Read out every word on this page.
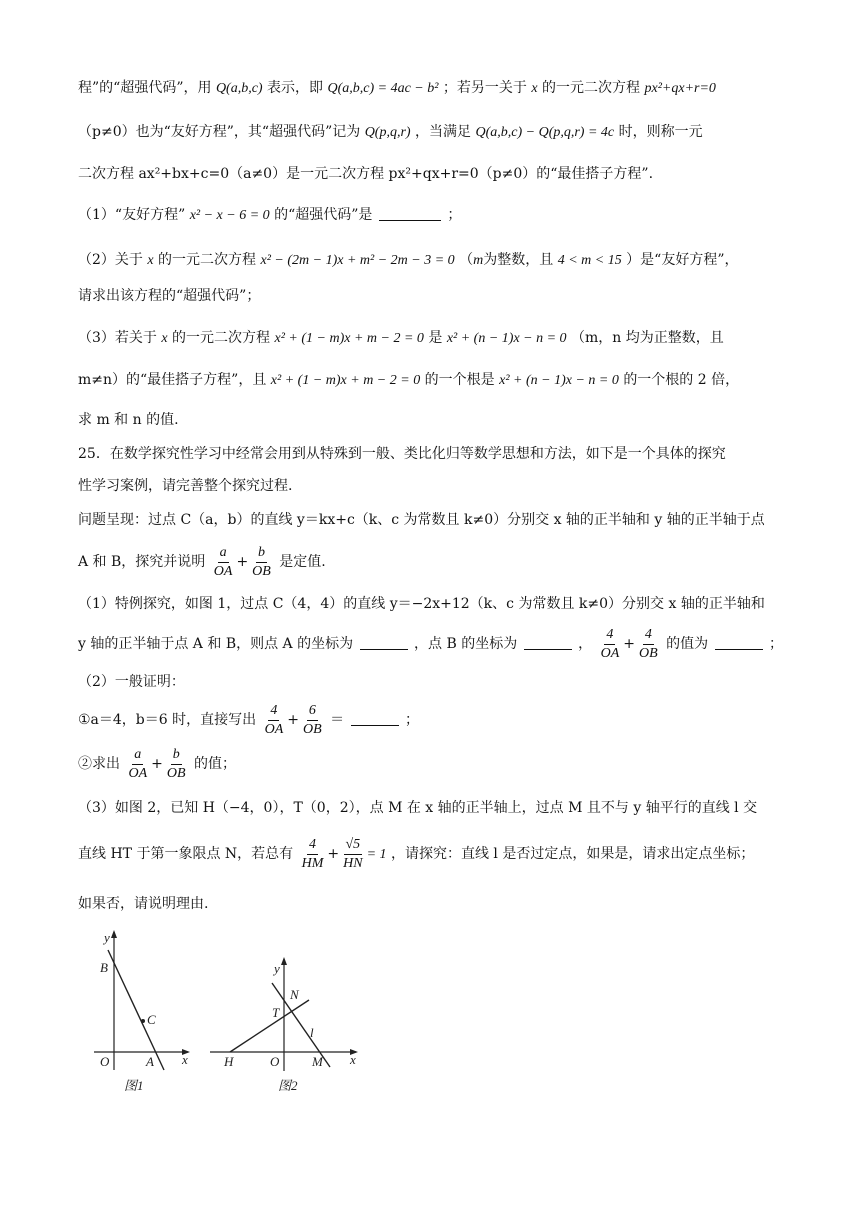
程”的“超强代码”，用 Q(a,b,c) 表示，即 Q(a,b,c) = 4ac − b² ；若另一关于 x 的一元二次方程 px²+qx+r=0
（p≠0）也为“友好方程”，其“超强代码”记为 Q(p,q,r) ，当满足 Q(a,b,c) − Q(p,q,r) = 4c 时，则称一元
二次方程 ax²+bx+c=0（a≠0）是一元二次方程 px²+qx+r=0（p≠0）的“最佳搭子方程”.
（1）“友好方程” x² − x − 6 = 0 的“超强代码”是	；
（2）关于 x 的一元二次方程 x² − (2m − 1)x + m² − 2m − 3 = 0 （m为整数，且 4 < m < 15 ）是“友好方程”，
请求出该方程的“超强代码”；
（3）若关于 x 的一元二次方程 x² + (1 − m)x + m − 2 = 0 是 x² + (n − 1)x − n = 0 （m，n 均为正整数，且
m≠n）的“最佳搭子方程”，且 x² + (1 − m)x + m − 2 = 0 的一个根是 x² + (n − 1)x − n = 0 的一个根的 2 倍，
求 m 和 n 的值.
25．在数学探究性学习中经常会用到从特殊到一般、类比化归等数学思想和方法，如下是一个具体的探究
性学习案例，请完善整个探究过程.
问题呈现：过点 C（a，b）的直线 y＝kx+c（k、c 为常数且 k≠0）分别交 x 轴的正半轴和 y 轴的正半轴于点
A 和 B，探究并说明 $\frac{a}{OA} + \frac{b}{OB}$ 是定值.
（1）特例探究，如图 1，过点 C（4，4）的直线 y＝−2x+12（k、c 为常数且 k≠0）分别交 x 轴的正半轴和
y 轴的正半轴于点 A 和 B，则点 A 的坐标为	，点 B 的坐标为	， $\frac{4}{OA} + \frac{4}{OB}$ 的值为	；
（2）一般证明：
①a＝4，b＝6 时，直接写出 $\frac{4}{OA} + \frac{6}{OB}$ ＝	；
②求出 $\frac{a}{OA} + \frac{b}{OB}$ 的值；
（3）如图 2，已知 H（−4，0），T（0，2），点 M 在 x 轴的正半轴上，过点 M 且不与 y 轴平行的直线 l 交
直线 HT 于第一象限点 N，若总有 $\frac{4}{HM} + \frac{√5}{HN} = 1$ ，请探究：直线 l 是否过定点，如果是，请求出定点坐标；
如果否，请说明理由.
y
B
C
O	A x
图1
y
N
T
l
H	O	M x
图2
